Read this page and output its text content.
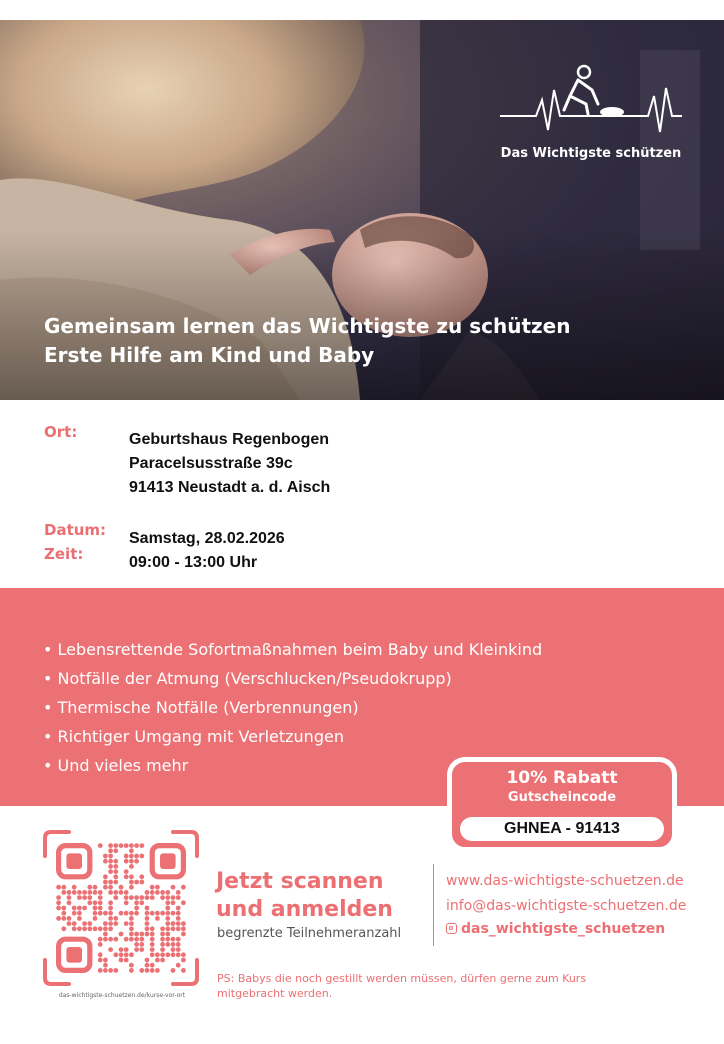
Das Wichtigste schützen
Gemeinsam lernen das Wichtigste zu schützen
Erste Hilfe am Kind und Baby
Ort:	Geburtshaus Regenbogen
Paracelsusstraße 39c
91413 Neustadt a. d. Aisch
Datum:
Zeit:
Samstag, 28.02.2026
09:00 - 13:00 Uhr
• Lebensrettende Sofortmaßnahmen beim Baby und Kleinkind
• Notfälle der Atmung (Verschlucken/Pseudokrupp)
• Thermische Notfälle (Verbrennungen)
• Richtiger Umgang mit Verletzungen
• Und vieles mehr
10% Rabatt
Gutscheincode
GHNEA - 91413
das-wichtigste-schuetzen.de/kurse-vor-ort
Jetzt scannen
und anmelden
begrenzte Teilnehmeranzahl
www.das-wichtigste-schuetzen.de
info@das-wichtigste-schuetzen.de
das_wichtigste_schuetzen
PS: Babys die noch gestillt werden müssen, dürfen gerne zum Kurs mitgebracht werden.
